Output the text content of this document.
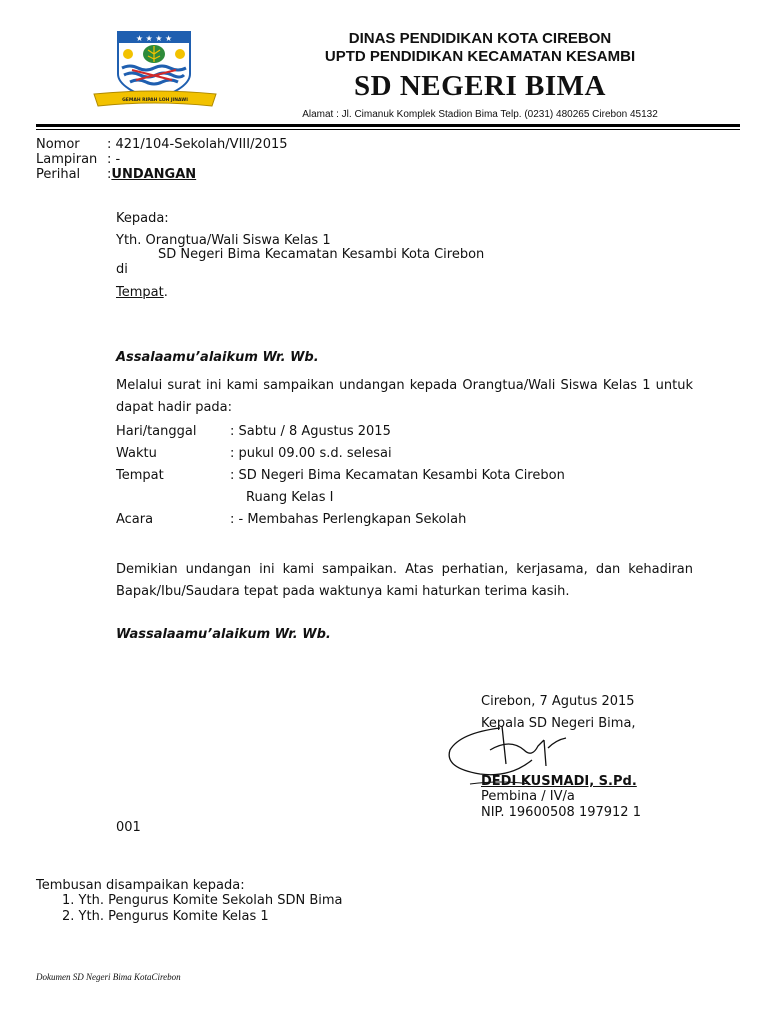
★ ★ ★ ★
GEMAH RIPAH LOH JINAWI
DINAS PENDIDIKAN KOTA CIREBON
UPTD PENDIDIKAN KECAMATAN KESAMBI
SD NEGERI BIMA
Alamat : Jl. Cimanuk Komplek Stadion Bima Telp. (0231) 480265 Cirebon 45132
Nomor : 421/104-Sekolah/VIII/2015
Lampiran : -
Perihal :UNDANGAN
Kepada:
Yth. Orangtua/Wali Siswa Kelas 1
SD Negeri Bima Kecamatan Kesambi Kota Cirebon
di
Tempat.
Assalaamu’alaikum Wr. Wb.
Melalui surat ini kami sampaikan undangan kepada Orangtua/Wali Siswa Kelas 1 untuk dapat hadir pada:
Hari/tanggal	: Sabtu / 8 Agustus 2015
Waktu	: pukul 09.00 s.d. selesai
Tempat	: SD Negeri Bima Kecamatan Kesambi Kota Cirebon
Ruang Kelas I
Acara	: - Membahas Perlengkapan Sekolah
Demikian undangan ini kami sampaikan. Atas perhatian, kerjasama, dan kehadiran Bapak/Ibu/Saudara tepat pada waktunya kami haturkan terima kasih.
Wassalaamu’alaikum Wr. Wb.
Cirebon, 7 Agutus 2015
Kepala SD Negeri Bima,
DEDI KUSMADI, S.Pd.
Pembina / IV/a
NIP. 19600508 197912 1
001
Tembusan disampaikan kepada:
1. Yth. Pengurus Komite Sekolah SDN Bima
2. Yth. Pengurus Komite Kelas 1
Dokumen SD Negeri Bima KotaCirebon
